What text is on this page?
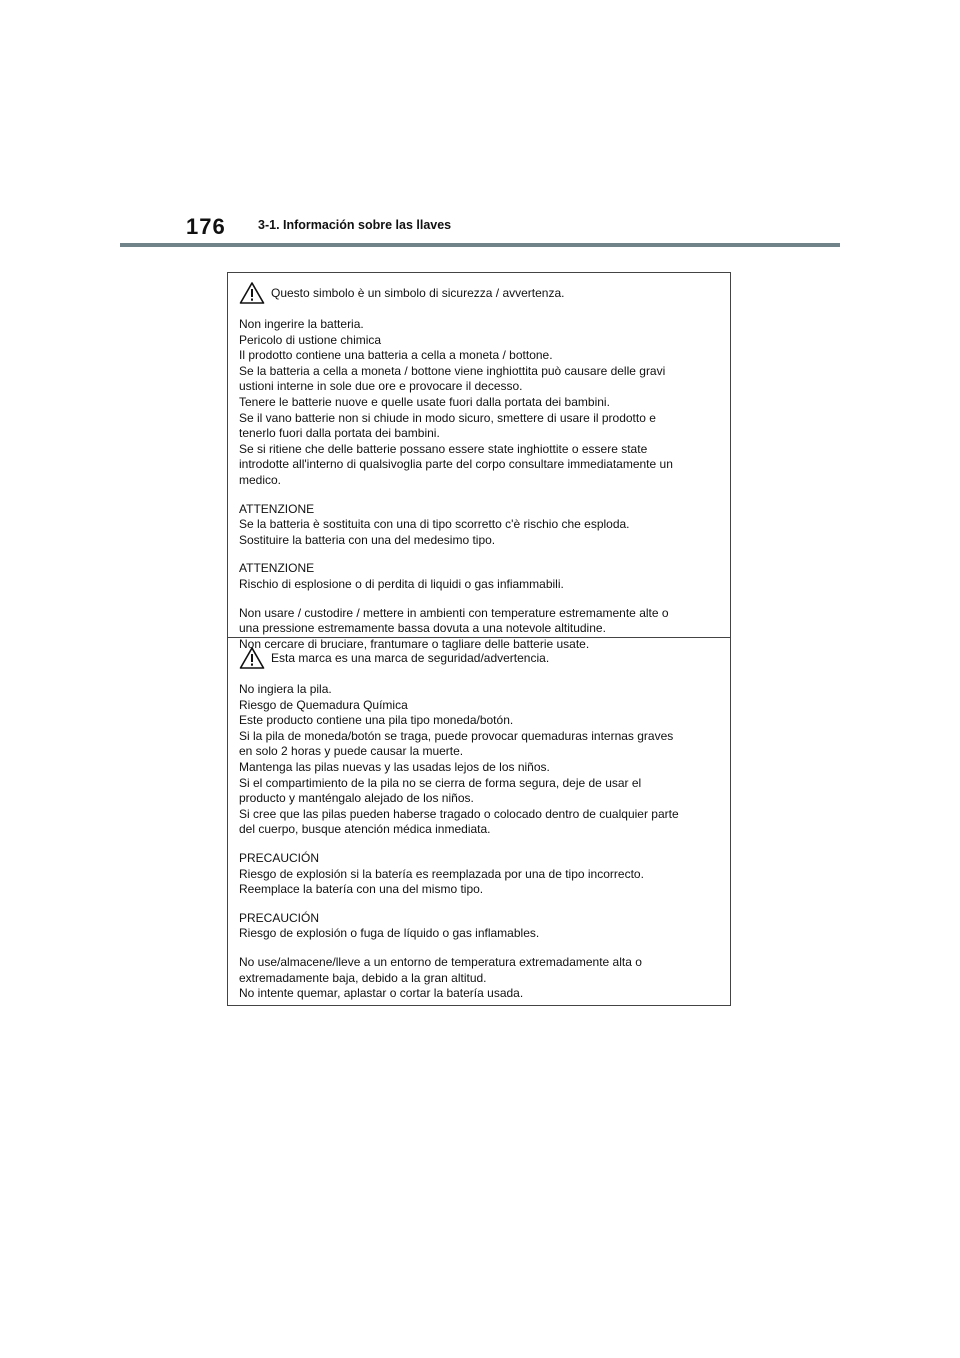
176	3-1. Información sobre las llaves
Questo simbolo è un simbolo di sicurezza / avvertenza.

Non ingerire la batteria.
Pericolo di ustione chimica
Il prodotto contiene una batteria a cella a moneta / bottone.
Se la batteria a cella a moneta / bottone viene inghiottita può causare delle gravi
ustioni interne in sole due ore e provocare il decesso.
Tenere le batterie nuove e quelle usate fuori dalla portata dei bambini.
Se il vano batterie non si chiude in modo sicuro, smettere di usare il prodotto e
tenerlo fuori dalla portata dei bambini.
Se si ritiene che delle batterie possano essere state inghiottite o essere state
introdotte all'interno di qualsivoglia parte del corpo consultare immediatamente un
medico.

ATTENZIONE
Se la batteria è sostituita con una di tipo scorretto c'è rischio che esploda.
Sostituire la batteria con una del medesimo tipo.

ATTENZIONE
Rischio di esplosione o di perdita di liquidi o gas infiammabili.

Non usare / custodire / mettere in ambienti con temperature estremamente alte o
una pressione estremamente bassa dovuta a una notevole altitudine.
Non cercare di bruciare, frantumare o tagliare delle batterie usate.

Esta marca es una marca de seguridad/advertencia.

No ingiera la pila.
Riesgo de Quemadura Química
Este producto contiene una pila tipo moneda/botón.
Si la pila de moneda/botón se traga, puede provocar quemaduras internas graves
en solo 2 horas y puede causar la muerte.
Mantenga las pilas nuevas y las usadas lejos de los niños.
Si el compartimiento de la pila no se cierra de forma segura, deje de usar el
producto y manténgalo alejado de los niños.
Si cree que las pilas pueden haberse tragado o colocado dentro de cualquier parte
del cuerpo, busque atención médica inmediata.

PRECAUCIÓN
Riesgo de explosión si la batería es reemplazada por una de tipo incorrecto.
Reemplace la batería con una del mismo tipo.

PRECAUCIÓN
Riesgo de explosión o fuga de líquido o gas inflamables.

No use/almacene/lleve a un entorno de temperatura extremadamente alta o
extremadamente baja, debido a la gran altitud.
No intente quemar, aplastar o cortar la batería usada.
